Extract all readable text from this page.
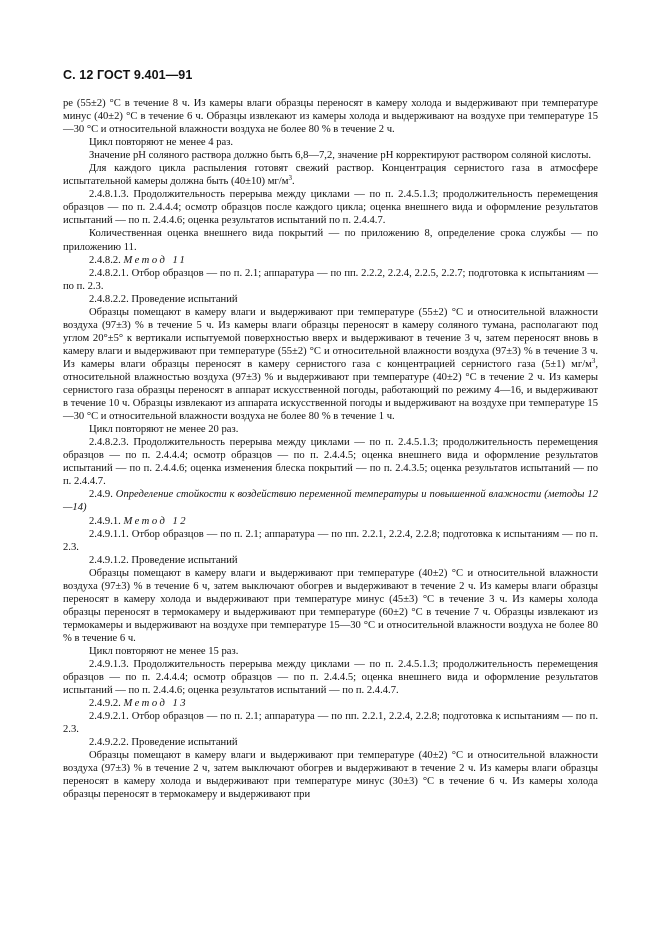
С. 12 ГОСТ 9.401—91

ре (55±2) °С в течение 8 ч. Из камеры влаги образцы переносят в камеру холода и выдерживают при температуре минус (40±2) °С в течение 6 ч. Образцы извлекают из камеры холода и выдерживают на воздухе при температуре 15—30 °С и относительной влажности воздуха не более 80 % в течение 2 ч.

Цикл повторяют не менее 4 раз.

Значение pH соляного раствора должно быть 6,8—7,2, значение pH корректируют раствором соляной кислоты.

Для каждого цикла распыления готовят свежий раствор. Концентрация сернистого газа в атмосфере испытательной камеры должна быть (40±10) $мг/м^3$.

2.4.8.1.3. Продолжительность перерыва между циклами — по п. 2.4.5.1.3; продолжительность перемещения образцов — по п. 2.4.4.4; осмотр образцов после каждого цикла; оценка внешнего вида и оформление результатов испытаний — по п. 2.4.4.6; оценка результатов испытаний по п. 2.4.4.7.

Количественная оценка внешнего вида покрытий — по приложению 8, определение срока службы — по приложению 11.

2.4.8.2. Метод 11

2.4.8.2.1. Отбор образцов — по п. 2.1; аппаратура — по пп. 2.2.2, 2.2.4, 2.2.5, 2.2.7; подготовка к испытаниям — по п. 2.3.

2.4.8.2.2. Проведение испытаний

Образцы помещают в камеру влаги и выдерживают при температуре (55±2) °С и относительной влажности воздуха (97±3) % в течение 5 ч. Из камеры влаги образцы переносят в камеру соляного тумана, располагают под углом 20°±5° к вертикали испытуемой поверхностью вверх и выдерживают в течение 3 ч, затем переносят вновь в камеру влаги и выдерживают при температуре (55±2) °С и относительной влажности воздуха (97±3) % в течение 3 ч. Из камеры влаги образцы переносят в камеру сернистого газа с концентрацией сернистого газа (5±1) $мг/м^3$, относительной влажностью воздуха (97±3) % и выдерживают при температуре (40±2) °С в течение 2 ч. Из камеры сернистого газа образцы переносят в аппарат искусственной погоды, работающий по режиму 4—16, и выдерживают в течение 10 ч. Образцы извлекают из аппарата искусственной погоды и выдерживают на воздухе при температуре 15—30 °С и относительной влажности воздуха не более 80 % в течение 1 ч.

Цикл повторяют не менее 20 раз.

2.4.8.2.3. Продолжительность перерыва между циклами — по п. 2.4.5.1.3; продолжительность перемещения образцов — по п. 2.4.4.4; осмотр образцов — по п. 2.4.4.5; оценка внешнего вида и оформление результатов испытаний — по п. 2.4.4.6; оценка изменения блеска покрытий — по п. 2.4.3.5; оценка результатов испытаний — по п. 2.4.4.7.

2.4.9. Определение стойкости к воздействию переменной температуры и повышенной влажности (методы 12—14)

2.4.9.1. Метод 12

2.4.9.1.1. Отбор образцов — по п. 2.1; аппаратура — по пп. 2.2.1, 2.2.4, 2.2.8; подготовка к испытаниям — по п. 2.3.

2.4.9.1.2. Проведение испытаний

Образцы помещают в камеру влаги и выдерживают при температуре (40±2) °С и относительной влажности воздуха (97±3) % в течение 6 ч, затем выключают обогрев и выдерживают в течение 2 ч. Из камеры влаги образцы переносят в камеру холода и выдерживают при температуре минус (45±3) °С в течение 3 ч. Из камеры холода образцы переносят в термокамеру и выдерживают при температуре (60±2) °С в течение 7 ч. Образцы извлекают из термокамеры и выдерживают на воздухе при температуре 15—30 °С и относительной влажности воздуха не более 80 % в течение 6 ч.

Цикл повторяют не менее 15 раз.

2.4.9.1.3. Продолжительность перерыва между циклами — по п. 2.4.5.1.3; продолжительность перемещения образцов — по п. 2.4.4.4; осмотр образцов — по п. 2.4.4.5; оценка внешнего вида и оформление результатов испытаний — по п. 2.4.4.6; оценка результатов испытаний — по п. 2.4.4.7.

2.4.9.2. Метод 13

2.4.9.2.1. Отбор образцов — по п. 2.1; аппаратура — по пп. 2.2.1, 2.2.4, 2.2.8; подготовка к испытаниям — по п. 2.3.

2.4.9.2.2. Проведение испытаний

Образцы помещают в камеру влаги и выдерживают при температуре (40±2) °С и относительной влажности воздуха (97±3) % в течение 2 ч, затем выключают обогрев и выдерживают в течение 2 ч. Из камеры влаги образцы переносят в камеру холода и выдерживают при температуре минус (30±3) °С в течение 6 ч. Из камеры холода образцы переносят в термокамеру и выдерживают при
